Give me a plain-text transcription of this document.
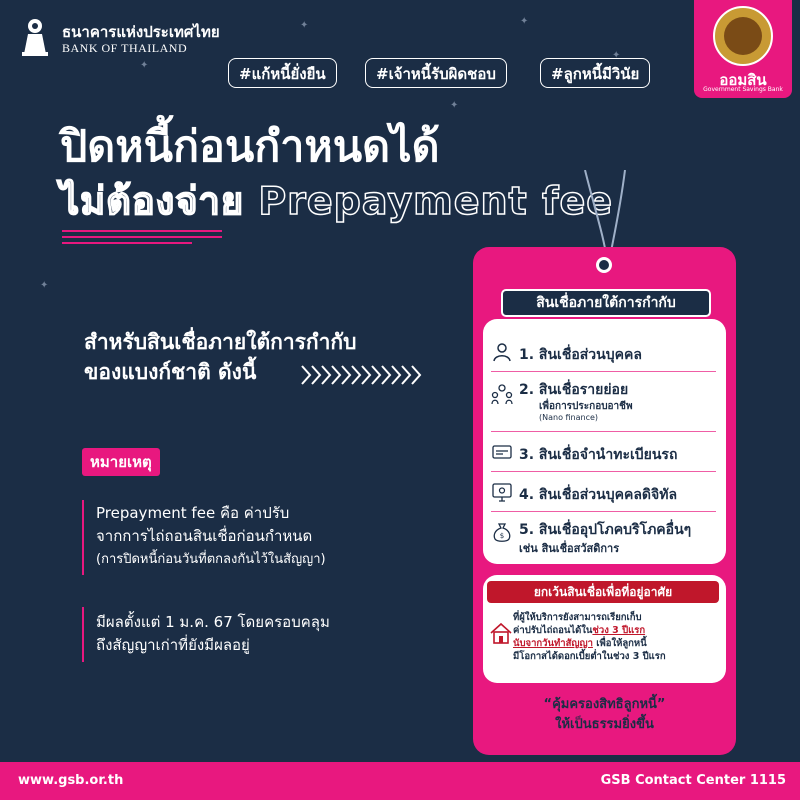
✦	✦
✦
✦
✦
✦
ธนาคารแห่งประเทศไทย
BANK OF THAILAND
#แก้หนี้ยั่งยืน	#เจ้าหนี้รับผิดชอบ	#ลูกหนี้มีวินัย	ออมสิน
Government Savings Bank
ปิดหนี้ก่อนกำหนดได้
ไม่ต้องจ่าย Prepayment fee
สำหรับสินเชื่อภายใต้การกำกับ
ของแบงก์ชาติ ดังนี้
หมายเหตุ
Prepayment fee คือ ค่าปรับ
จากการไถ่ถอนสินเชื่อก่อนกำหนด
(การปิดหนี้ก่อนวันที่ตกลงกันไว้ในสัญญา)
มีผลตั้งแต่ 1 ม.ค. 67 โดยครอบคลุม
ถึงสัญญาเก่าที่ยังมีผลอยู่
สินเชื่อภายใต้การกำกับ
1. สินเชื่อส่วนบุคคล
2. สินเชื่อรายย่อย
เพื่อการประกอบอาชีพ
(Nano finance)
3. สินเชื่อจำนำทะเบียนรถ
4. สินเชื่อส่วนบุคคลดิจิทัล
$ 5. สินเชื่ออุปโภคบริโภคอื่นๆ
เช่น สินเชื่อสวัสดิการ
ยกเว้นสินเชื่อเพื่อที่อยู่อาศัย
ที่ผู้ให้บริการยังสามารถเรียกเก็บ
ค่าปรับไถ่ถอนได้ในช่วง 3 ปีแรก
นับจากวันทำสัญญา เพื่อให้ลูกหนี้
มีโอกาสได้ดอกเบี้ยต่ำในช่วง 3 ปีแรก
“คุ้มครองสิทธิลูกหนี้”
ให้เป็นธรรมยิ่งขึ้น
www.gsb.or.th	GSB Contact Center 1115
